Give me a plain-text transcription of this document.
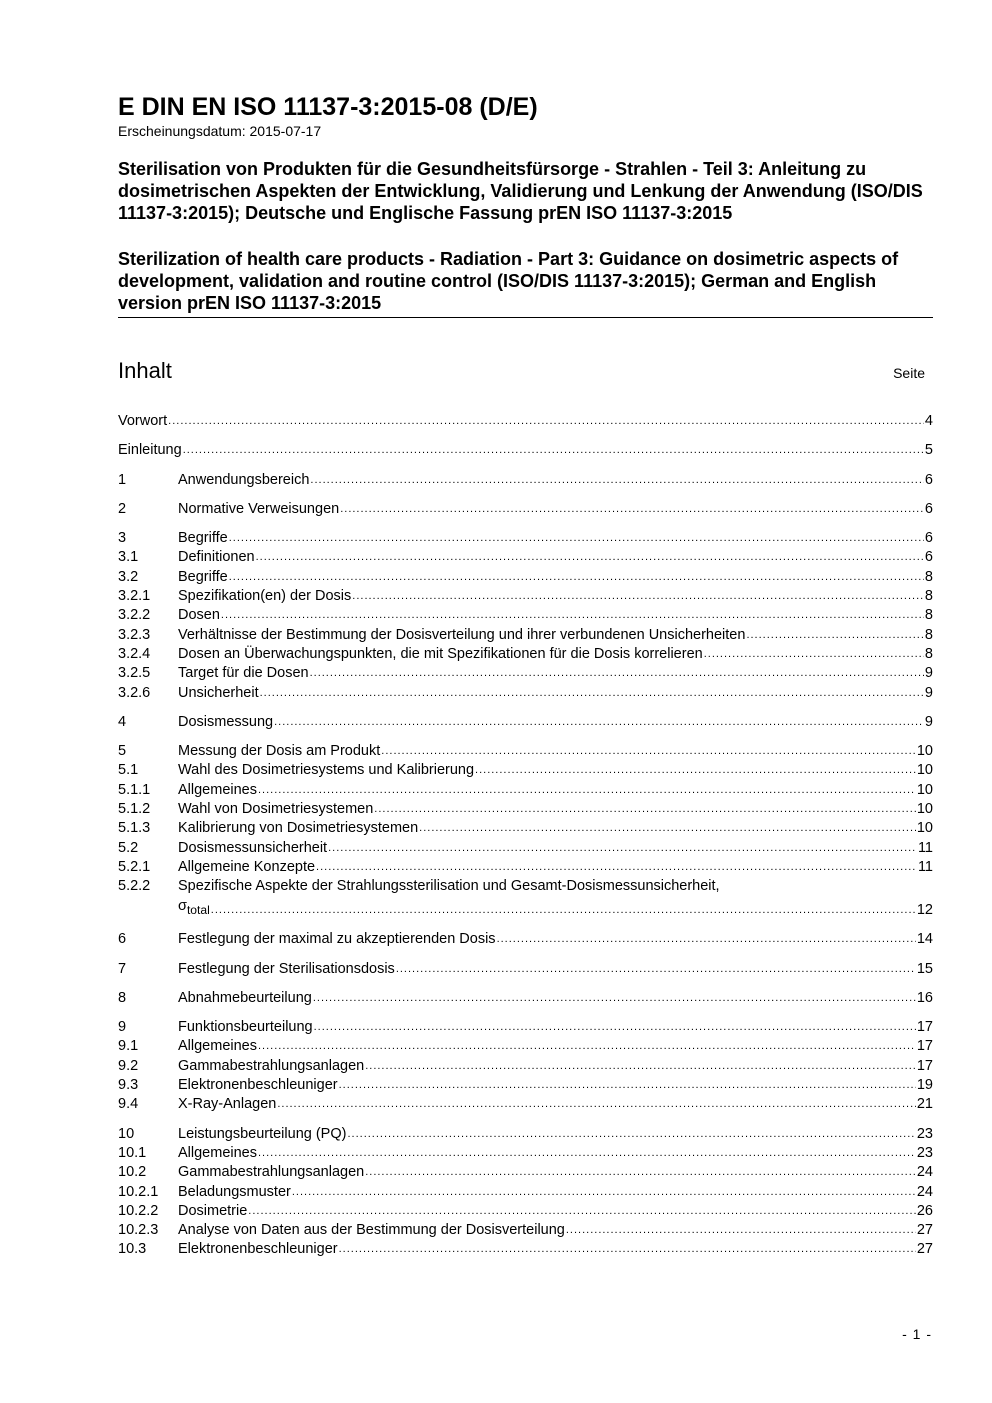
E DIN EN ISO 11137-3:2015-08 (D/E)

Erscheinungsdatum: 2015-07-17

Sterilisation von Produkten für die Gesundheitsfürsorge - Strahlen - Teil 3: Anleitung zu dosimetrischen Aspekten der Entwicklung, Validierung und Lenkung der Anwendung (ISO/DIS 11137-3:2015); Deutsche und Englische Fassung prEN ISO 11137-3:2015
Sterilization of health care products - Radiation - Part 3: Guidance on dosimetric aspects of development, validation and routine control (ISO/DIS 11137-3:2015); German and English version prEN ISO 11137-3:2015
Inhalt	Seite
Vorwort .....	4
Einleitung .....	5
1	Anwendungsbereich .....	6
2	Normative Verweisungen .....	6
3	Begriffe .....	6
3.1	Definitionen .....	6
3.2	Begriffe .....	8
3.2.1	Spezifikation(en) der Dosis .....	8
3.2.2	Dosen .....	8
3.2.3	Verhältnisse der Bestimmung der Dosisverteilung und ihrer verbundenen Unsicherheiten .....	8
3.2.4	Dosen an Überwachungspunkten, die mit Spezifikationen für die Dosis korrelieren .....	8
3.2.5	Target für die Dosen .....	9
3.2.6	Unsicherheit .....	9
4	Dosismessung .....	9
5	Messung der Dosis am Produkt .....	10
5.1	Wahl des Dosimetriesystems und Kalibrierung .....	10
5.1.1	Allgemeines .....	10
5.1.2	Wahl von Dosimetriesystemen .....	10
5.1.3	Kalibrierung von Dosimetriesystemen .....	10
5.2	Dosismessunsicherheit .....	11
5.2.1	Allgemeine Konzepte .....	11
5.2.2	Spezifische Aspekte der Strahlungssterilisation und Gesamt-Dosismessunsicherheit,
$\sigma_{total}$ .....	12
6	Festlegung der maximal zu akzeptierenden Dosis .....	14
7	Festlegung der Sterilisationsdosis .....	15
8	Abnahmebeurteilung .....	16
9	Funktionsbeurteilung .....	17
9.1	Allgemeines .....	17
9.2	Gammabestrahlungsanlagen .....	17
9.3	Elektronenbeschleuniger .....	19
9.4	X-Ray-Anlagen .....	21
10	Leistungsbeurteilung (PQ) .....	23
10.1	Allgemeines .....	23
10.2	Gammabestrahlungsanlagen .....	24
10.2.1	Beladungsmuster .....	24
10.2.2	Dosimetrie .....	26
10.2.3	Analyse von Daten aus der Bestimmung der Dosisverteilung .....	27
10.3	Elektronenbeschleuniger .....	27
- 1 -
